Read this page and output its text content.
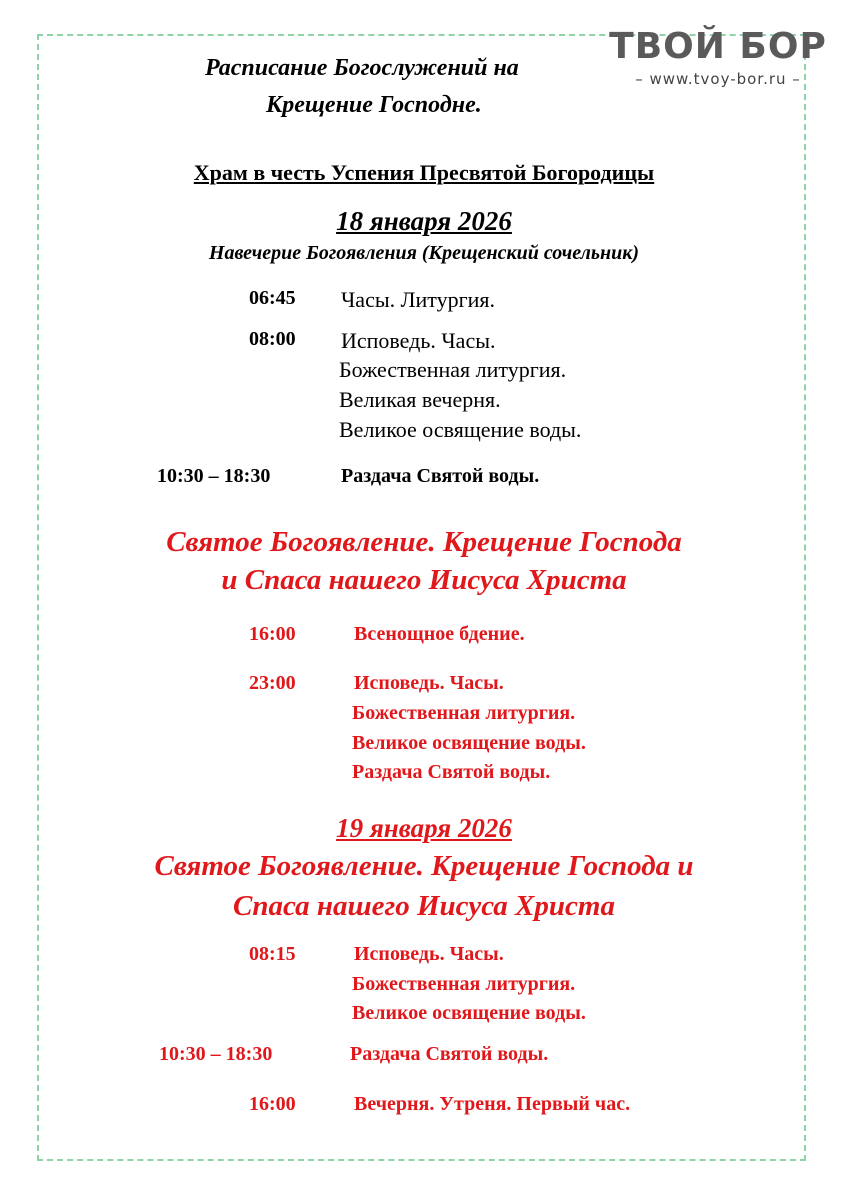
ТВОЙ БОР
– www.tvoy-bor.ru –
Расписание Богослужений на
Крещение Господне.
Храм в честь Успения Пресвятой Богородицы
18 января 2026
Навечерие Богоявления (Крещенский сочельник)
06:45 Часы. Литургия.
08:00 Исповедь. Часы.
Божественная литургия.
Великая вечерня.
Великое освящение воды.
10:30 – 18:30	Раздача Святой воды.
Святое Богоявление. Крещение Господа
и Спаса нашего Иисуса Христа
16:00	Всенощное бдение.
23:00	Исповедь. Часы.
Божественная литургия.
Великое освящение воды.
Раздача Святой воды.
19 января 2026
Святое Богоявление. Крещение Господа и
Спаса нашего Иисуса Христа
08:15	Исповедь. Часы.
Божественная литургия.
Великое освящение воды.
10:30 – 18:30	Раздача Святой воды.
16:00	Вечерня. Утреня. Первый час.
